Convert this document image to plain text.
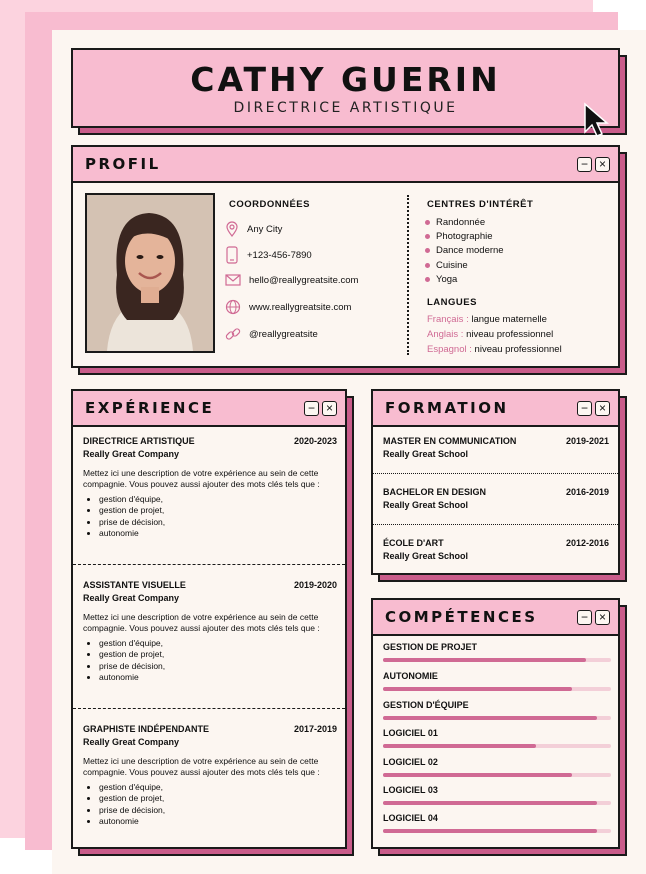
CATHY GUERIN
DIRECTRICE ARTISTIQUE
PROFIL	− ×
COORDONNÉES
Any City
+123-456-7890
hello@reallygreatsite.com
www.reallygreatsite.com
@reallygreatsite
CENTRES D'INTÉRÊT
Randonnée
Photographie
Dance moderne
Cuisine
Yoga
LANGUES
Français : langue maternelle
Anglais : niveau professionnel
Espagnol : niveau professionnel
EXPÉRIENCE	− ×
DIRECTRICE ARTISTIQUE	2020-2023
Really Great Company
Mettez ici une description de votre expérience au sein de cette compagnie. Vous pouvez aussi ajouter des mots clés tels que :
• gestion d'équipe,
• gestion de projet,
• prise de décision,
• autonomie
ASSISTANTE VISUELLE	2019-2020
Really Great Company
Mettez ici une description de votre expérience au sein de cette compagnie. Vous pouvez aussi ajouter des mots clés tels que :
• gestion d'équipe,
• gestion de projet,
• prise de décision,
• autonomie
GRAPHISTE INDÉPENDANTE	2017-2019
Really Great Company
Mettez ici une description de votre expérience au sein de cette compagnie. Vous pouvez aussi ajouter des mots clés tels que :
• gestion d'équipe,
• gestion de projet,
• prise de décision,
• autonomie
FORMATION	− ×
MASTER EN COMMUNICATION	2019-2021
Really Great School
BACHELOR EN DESIGN	2016-2019
Really Great School
ÉCOLE D'ART	2012-2016
Really Great School
COMPÉTENCES	− ×
GESTION DE PROJET
AUTONOMIE
GESTION D'ÉQUIPE
LOGICIEL 01
LOGICIEL 02
LOGICIEL 03
LOGICIEL 04
